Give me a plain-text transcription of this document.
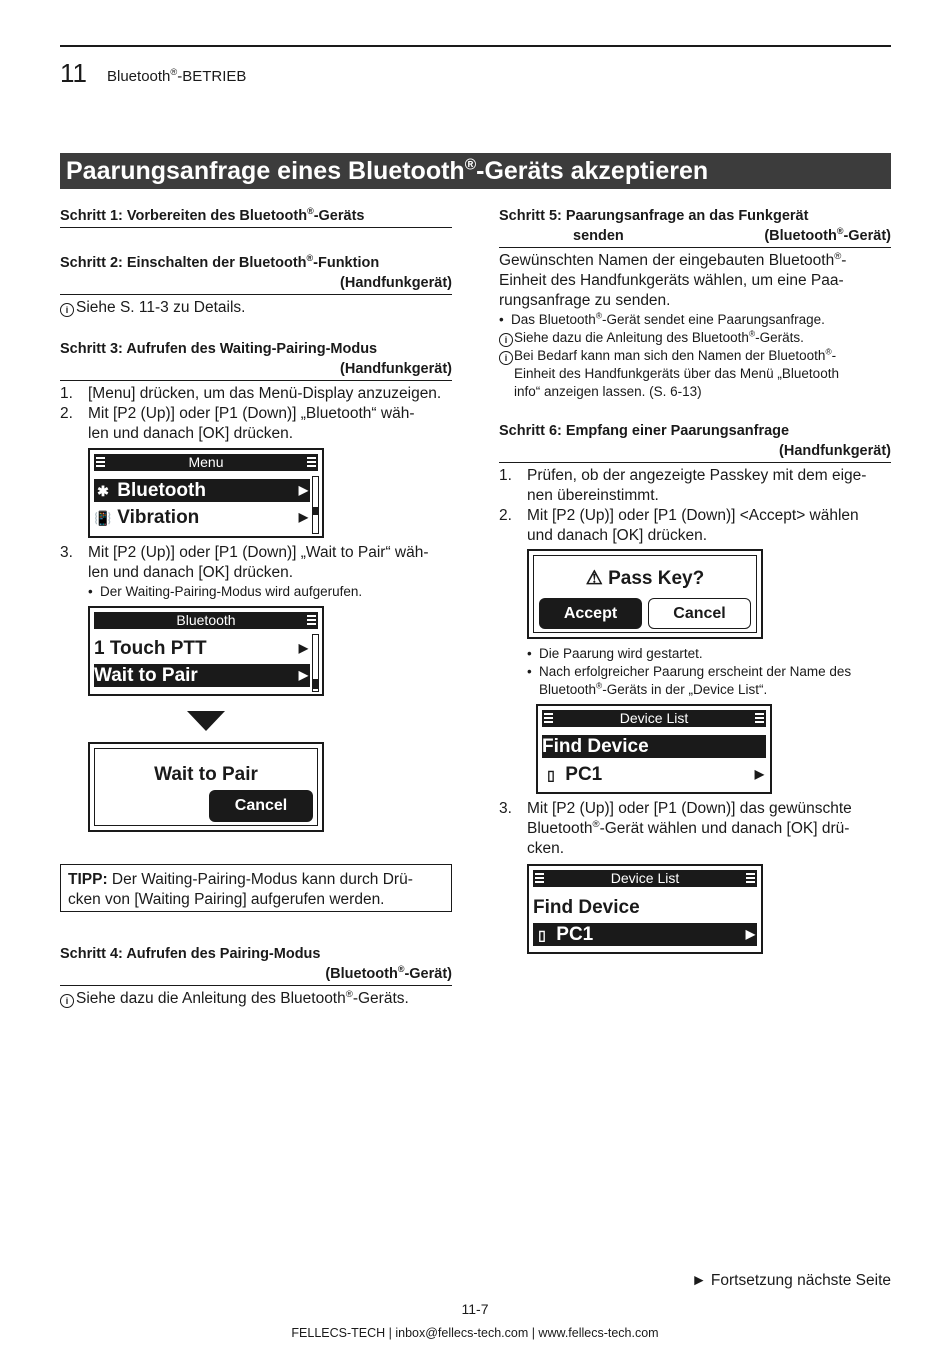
11 Bluetooth®-BETRIEB
Paarungsanfrage eines Bluetooth®-Geräts akzeptieren
Schritt 1: Vorbereiten des Bluetooth®-Geräts
Schritt 2: Einschalten der Bluetooth®-Funktion
(Handfunkgerät)
i Siehe S. 11-3 zu Details.
Schritt 3: Aufrufen des Waiting-Pairing-Modus
(Handfunkgerät)
1. [Menu] drücken, um das Menü-Display anzuzeigen.
2. Mit [P2 (Up)] oder [P1 (Down)] „Bluetooth“ wäh-
len und danach [OK] drücken.
Menu
✱ Bluetooth	▶
📳 Vibration	▶
3. Mit [P2 (Up)] oder [P1 (Down)] „Wait to Pair“ wäh-
len und danach [OK] drücken.
• Der Waiting-Pairing-Modus wird aufgerufen.
Bluetooth
1 Touch PTT	▶
Wait to Pair	▶
Wait to Pair
Cancel
TIPP: Der Waiting-Pairing-Modus kann durch Drü-
cken von [Waiting Pairing] aufgerufen werden.
Schritt 4: Aufrufen des Pairing-Modus
(Bluetooth®-Gerät)
i Siehe dazu die Anleitung des Bluetooth®-Geräts.
Schritt 5: Paarungsanfrage an das Funkgerät
senden	(Bluetooth®-Gerät)
Gewünschten Namen der eingebauten Bluetooth®-
Einheit des Handfunkgeräts wählen, um eine Paa-
rungsanfrage zu senden.
• Das Bluetooth®-Gerät sendet eine Paarungsanfrage.
i Siehe dazu die Anleitung des Bluetooth®-Geräts.
i Bei Bedarf kann man sich den Namen der Bluetooth®-
Einheit des Handfunkgeräts über das Menü „Bluetooth
info“ anzeigen lassen. (S. 6-13)
Schritt 6: Empfang einer Paarungsanfrage
(Handfunkgerät)
1. Prüfen, ob der angezeigte Passkey mit dem eige-
nen übereinstimmt.
2. Mit [P2 (Up)] oder [P1 (Down)] <Accept> wählen
und danach [OK] drücken.
⚠ Pass Key?
Accept	Cancel
• Die Paarung wird gestartet.
• Nach erfolgreicher Paarung erscheint der Name des
Bluetooth®-Geräts in der „Device List“.
Device List
Find Device
▯ PC1	▶
3. Mit [P2 (Up)] oder [P1 (Down)] das gewünschte
Bluetooth®-Gerät wählen und danach [OK] drü-
cken.
Device List
Find Device
▯ PC1	▶
► Fortsetzung nächste Seite
11-7
FELLECS-TECH | inbox@fellecs-tech.com | www.fellecs-tech.com
